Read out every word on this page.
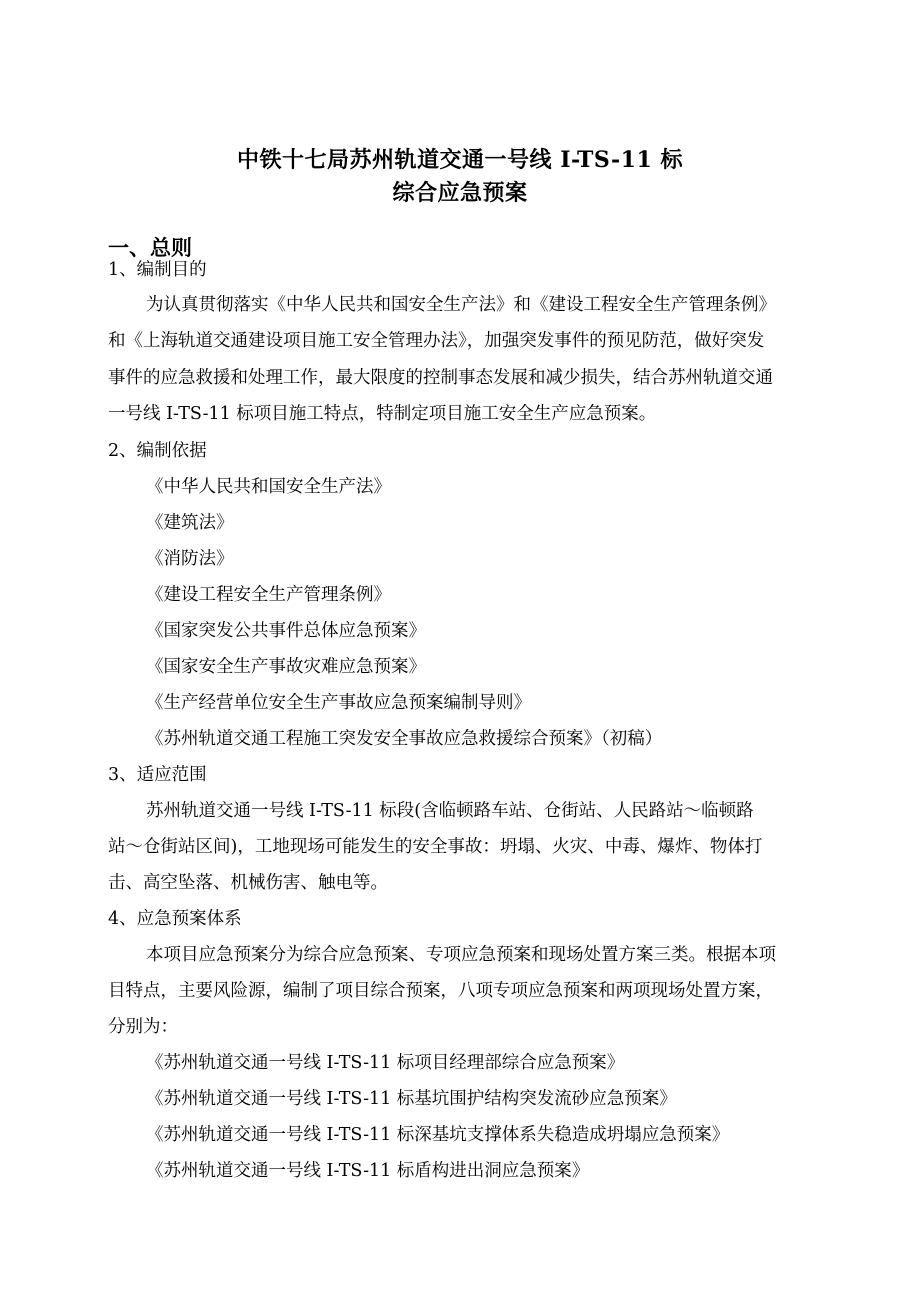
中铁十七局苏州轨道交通一号线 I-TS-11 标
综合应急预案
一、总则
1、编制目的
为认真贯彻落实《中华人民共和国安全生产法》和《建设工程安全生产管理条例》
和《上海轨道交通建设项目施工安全管理办法》，加强突发事件的预见防范，做好突发
事件的应急救援和处理工作，最大限度的控制事态发展和减少损失，结合苏州轨道交通
一号线 I-TS-11 标项目施工特点，特制定项目施工安全生产应急预案。
2、编制依据
《中华人民共和国安全生产法》
《建筑法》
《消防法》
《建设工程安全生产管理条例》
《国家突发公共事件总体应急预案》
《国家安全生产事故灾难应急预案》
《生产经营单位安全生产事故应急预案编制导则》
《苏州轨道交通工程施工突发安全事故应急救援综合预案》（初稿）
3、适应范围
苏州轨道交通一号线 I-TS-11 标段(含临顿路车站、仓街站、人民路站～临顿路
站～仓街站区间)，工地现场可能发生的安全事故：坍塌、火灾、中毒、爆炸、物体打
击、高空坠落、机械伤害、触电等。
4、应急预案体系
本项目应急预案分为综合应急预案、专项应急预案和现场处置方案三类。根据本项
目特点，主要风险源，编制了项目综合预案，八项专项应急预案和两项现场处置方案，
分别为：
《苏州轨道交通一号线 I-TS-11 标项目经理部综合应急预案》
《苏州轨道交通一号线 I-TS-11 标基坑围护结构突发流砂应急预案》
《苏州轨道交通一号线 I-TS-11 标深基坑支撑体系失稳造成坍塌应急预案》
《苏州轨道交通一号线 I-TS-11 标盾构进出洞应急预案》
